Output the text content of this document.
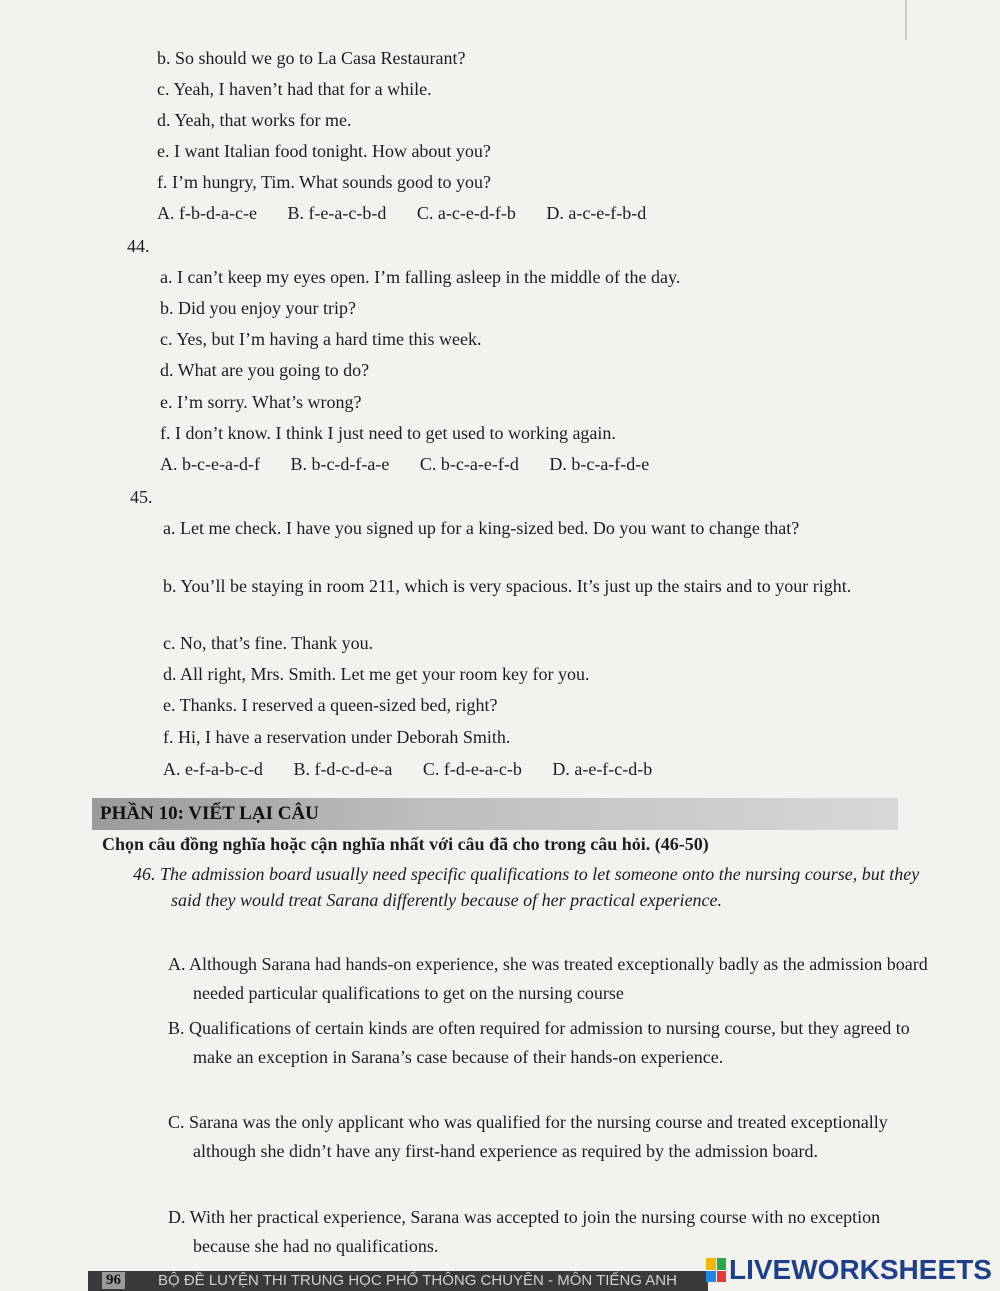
b. So should we go to La Casa Restaurant?
c. Yeah, I haven’t had that for a while.
d. Yeah, that works for me.
e. I want Italian food tonight. How about you?
f. I’m hungry, Tim. What sounds good to you?
A. f-b-d-a-c-e B. f-e-a-c-b-d C. a-c-e-d-f-b D. a-c-e-f-b-d
44.
a. I can’t keep my eyes open. I’m falling asleep in the middle of the day.
b. Did you enjoy your trip?
c. Yes, but I’m having a hard time this week.
d. What are you going to do?
e. I’m sorry. What’s wrong?
f. I don’t know. I think I just need to get used to working again.
A. b-c-e-a-d-f B. b-c-d-f-a-e C. b-c-a-e-f-d D. b-c-a-f-d-e
45.
a. Let me check. I have you signed up for a king-sized bed. Do you want to change that?
b. You’ll be staying in room 211, which is very spacious. It’s just up the stairs and to your right.
c. No, that’s fine. Thank you.
d. All right, Mrs. Smith. Let me get your room key for you.
e. Thanks. I reserved a queen-sized bed, right?
f. Hi, I have a reservation under Deborah Smith.
A. e-f-a-b-c-d B. f-d-c-d-e-a C. f-d-e-a-c-b D. a-e-f-c-d-b
PHẦN 10: VIẾT LẠI CÂU
Chọn câu đồng nghĩa hoặc cận nghĩa nhất với câu đã cho trong câu hỏi. (46-50)
46. The admission board usually need specific qualifications to let someone onto the nursing course, but they said they would treat Sarana differently because of her practical experience.
A. Although Sarana had hands-on experience, she was treated exceptionally badly as the admission board needed particular qualifications to get on the nursing course
B. Qualifications of certain kinds are often required for admission to nursing course, but they agreed to make an exception in Sarana’s case because of their hands-on experience.
C. Sarana was the only applicant who was qualified for the nursing course and treated exceptionally although she didn’t have any first-hand experience as required by the admission board.
D. With her practical experience, Sarana was accepted to join the nursing course with no exception because she had no qualifications.
96 BỘ ĐỀ LUYỆN THI TRUNG HỌC PHỔ THÔNG CHUYÊN - MÔN TIẾNG ANH LIVEWORKSHEETS
